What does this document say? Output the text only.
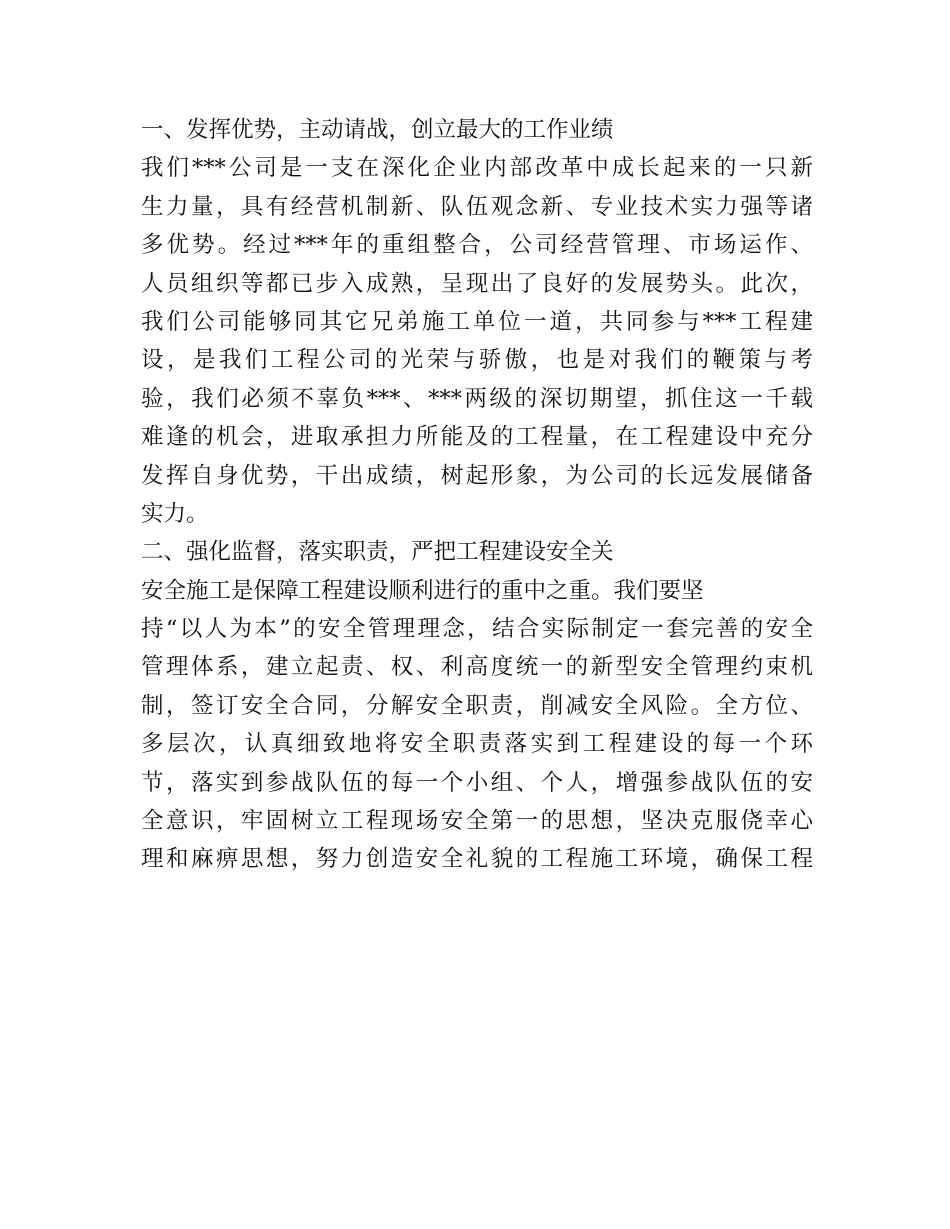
一、发挥优势，主动请战，创立最大的工作业绩
我们***公司是一支在深化企业内部改革中成长起来的一只新
生力量，具有经营机制新、队伍观念新、专业技术实力强等诸
多优势。经过***年的重组整合，公司经营管理、市场运作、
人员组织等都已步入成熟，呈现出了良好的发展势头。此次，
我们公司能够同其它兄弟施工单位一道，共同参与***工程建
设，是我们工程公司的光荣与骄傲，也是对我们的鞭策与考
验，我们必须不辜负***、***两级的深切期望，抓住这一千载
难逢的机会，进取承担力所能及的工程量，在工程建设中充分
发挥自身优势，干出成绩，树起形象，为公司的长远发展储备
实力。
二、强化监督，落实职责，严把工程建设安全关
安全施工是保障工程建设顺利进行的重中之重。我们要坚
持“以人为本”的安全管理理念，结合实际制定一套完善的安全
管理体系，建立起责、权、利高度统一的新型安全管理约束机
制，签订安全合同，分解安全职责，削减安全风险。全方位、
多层次，认真细致地将安全职责落实到工程建设的每一个环
节，落实到参战队伍的每一个小组、个人，增强参战队伍的安
全意识，牢固树立工程现场安全第一的思想，坚决克服侥幸心
理和麻痹思想，努力创造安全礼貌的工程施工环境，确保工程
